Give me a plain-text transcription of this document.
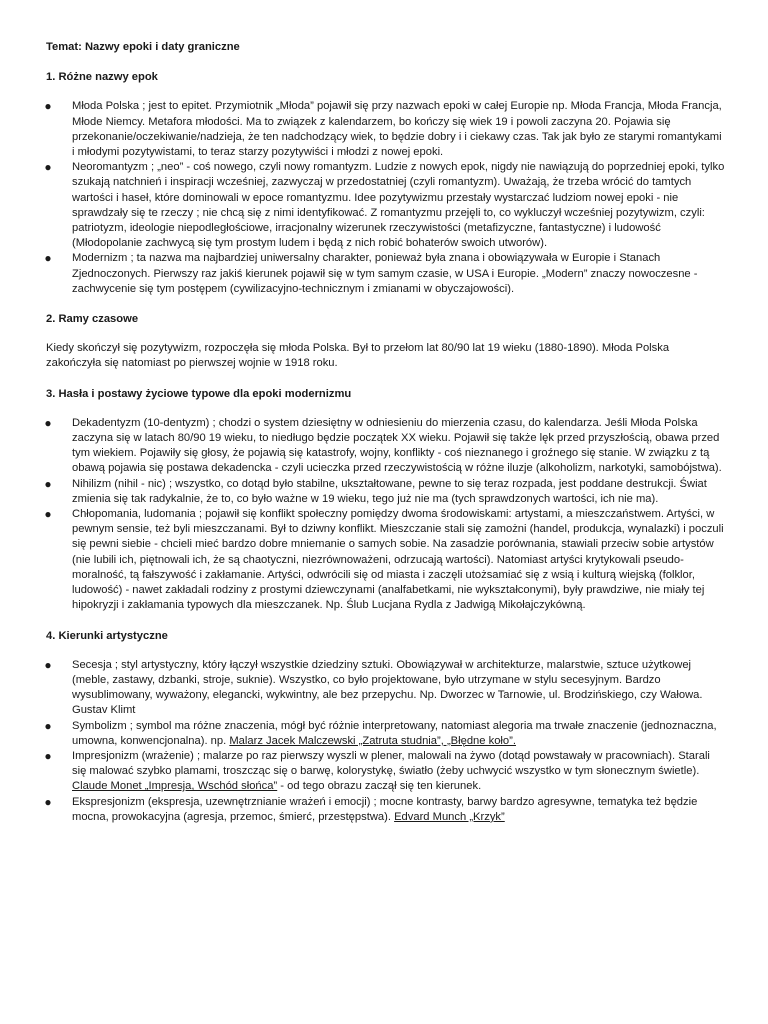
Temat: Nazwy epoki i daty graniczne
1. Różne nazwy epok
●	Młoda Polska ; jest to epitet. Przymiotnik „Młoda” pojawił się przy nazwach epoki w całej Europie np. Młoda Francja, Młoda Francja, Młode Niemcy. Metafora młodości. Ma to związek z kalendarzem, bo kończy się wiek 19 i powoli zaczyna 20. Pojawia się przekonanie/oczekiwanie/nadzieja, że ten nadchodzący wiek, to będzie dobry i i ciekawy czas. Tak jak było ze starymi romantykami i młodymi pozytywistami, to teraz starzy pozytywiści i młodzi z nowej epoki.
●	Neoromantyzm ; „neo” - coś nowego, czyli nowy romantyzm. Ludzie z nowych epok, nigdy nie nawiązują do poprzedniej epoki, tylko szukają natchnień i inspiracji wcześniej, zazwyczaj w przedostatniej (czyli romantyzm). Uważają, że trzeba wrócić do tamtych wartości i haseł, które dominowali w epoce romantyzmu. Idee pozytywizmu przestały wystarczać ludziom nowej epoki - nie sprawdzały się te rzeczy ; nie chcą się z nimi identyfikować. Z romantyzmu przejęli to, co wykluczył wcześniej pozytywizm, czyli: patriotyzm, ideologie niepodległościowe, irracjonalny wizerunek rzeczywistości (metafizyczne, fantastyczne) i ludowość (Młodopolanie zachwycą się tym prostym ludem i będą z nich robić bohaterów swoich utworów).
●	Modernizm ; ta nazwa ma najbardziej uniwersalny charakter, ponieważ była znana i obowiązywała w Europie i Stanach Zjednoczonych. Pierwszy raz jakiś kierunek pojawił się w tym samym czasie, w USA i Europie. „Modern” znaczy nowoczesne - zachwycenie się tym postępem (cywilizacyjno-technicznym i zmianami w obyczajowości).
2. Ramy czasowe

Kiedy skończył się pozytywizm, rozpoczęła się młoda Polska. Był to przełom lat 80/90 lat 19 wieku (1880-1890). Młoda Polska zakończyła się natomiast po pierwszej wojnie w 1918 roku.

3. Hasła i postawy życiowe typowe dla epoki modernizmu
●	Dekadentyzm (10-dentyzm) ; chodzi o system dziesiętny w odniesieniu do mierzenia czasu, do kalendarza. Jeśli Młoda Polska zaczyna się w latach 80/90 19 wieku, to niedługo będzie początek XX wieku. Pojawił się także lęk przed przyszłością, obawa przed tym wiekiem. Pojawiły się głosy, że pojawią się katastrofy, wojny, konflikty - coś nieznanego i groźnego się stanie. W związku z tą obawą pojawia się postawa dekadencka - czyli ucieczka przed rzeczywistością w różne iluzje (alkoholizm, narkotyki, samobójstwa).
●	Nihilizm (nihil - nic) ; wszystko, co dotąd było stabilne, ukształtowane, pewne to się teraz rozpada, jest poddane destrukcji. Świat zmienia się tak radykalnie, że to, co było ważne w 19 wieku, tego już nie ma (tych sprawdzonych wartości, ich nie ma).
●	Chłopomania, ludomania ; pojawił się konflikt społeczny pomiędzy dwoma środowiskami: artystami, a mieszczaństwem. Artyści, w pewnym sensie, też byli mieszczanami. Był to dziwny konflikt. Mieszczanie stali się zamożni (handel, produkcja, wynalazki) i poczuli się pewni siebie - chcieli mieć bardzo dobre mniemanie o samych sobie. Na zasadzie porównania, stawiali przeciw sobie artystów (nie lubili ich, piętnowali ich, że są chaotyczni, niezrównoważeni, odrzucają wartości). Natomiast artyści krytykowali pseudo-moralność, tą fałszywość i zakłamanie. Artyści, odwrócili się od miasta i zaczęli utożsamiać się z wsią i kulturą wiejską (folklor, ludowość) - nawet zakładali rodziny z prostymi dziewczynami (analfabetkami, nie wykształconymi), były prawdziwe, nie miały tej hipokryzji i zakłamania typowych dla mieszczanek. Np. Ślub Lucjana Rydla z Jadwigą Mikołajczykówną.
4. Kierunki artystyczne
●	Secesja ; styl artystyczny, który łączył wszystkie dziedziny sztuki. Obowiązywał w architekturze, malarstwie, sztuce użytkowej (meble, zastawy, dzbanki, stroje, suknie). Wszystko, co było projektowane, było utrzymane w stylu secesyjnym. Bardzo wysublimowany, wyważony, elegancki, wykwintny, ale bez przepychu. Np. Dworzec w Tarnowie, ul. Brodzińskiego, czy Wałowa. Gustav Klimt
●	Symbolizm ; symbol ma różne znaczenia, mógł być różnie interpretowany, natomiast alegoria ma trwałe znaczenie (jednoznaczna, umowna, konwencjonalna). np. Malarz Jacek Malczewski „Zatruta studnia”, „Błędne koło”.
●	Impresjonizm (wrażenie) ; malarze po raz pierwszy wyszli w plener, malowali na żywo (dotąd powstawały w pracowniach). Starali się malować szybko plamami, troszcząc się o barwę, kolorystykę, światło (żeby uchwycić wszystko w tym słonecznym świetle). Claude Monet „Impresja, Wschód słońca” - od tego obrazu zaczął się ten kierunek.
●	Ekspresjonizm (ekspresja, uzewnętrznianie wrażeń i emocji) ; mocne kontrasty, barwy bardzo agresywne, tematyka też będzie mocna, prowokacyjna (agresja, przemoc, śmierć, przestępstwa). Edvard Munch „Krzyk”
